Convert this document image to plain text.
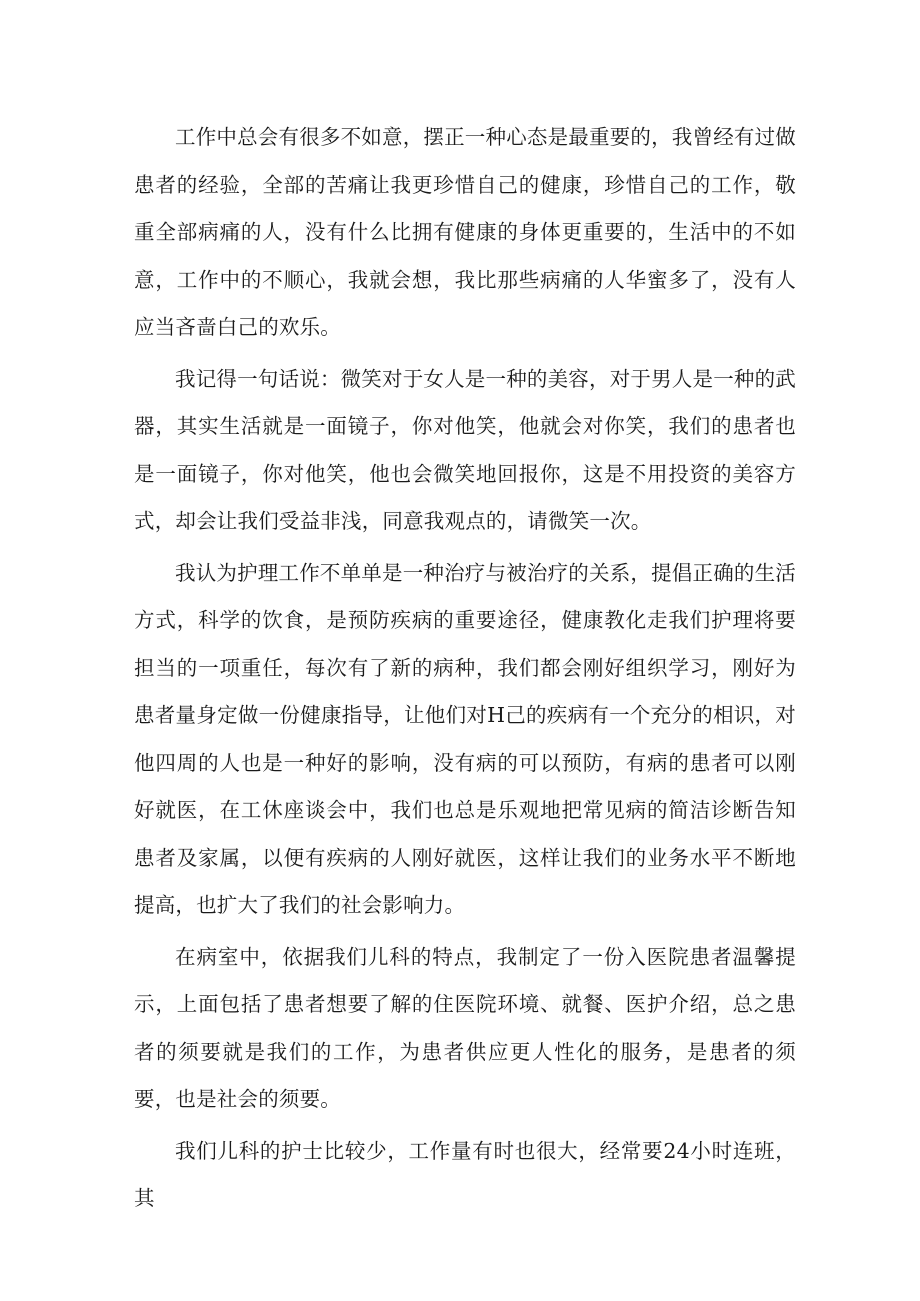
工作中总会有很多不如意，摆正一种心态是最重要的，我曾经有过做患者的经验，全部的苦痛让我更珍惜自己的健康，珍惜自己的工作，敬重全部病痛的人，没有什么比拥有健康的身体更重要的，生活中的不如意，工作中的不顺心，我就会想，我比那些病痛的人华蜜多了，没有人应当吝啬白己的欢乐。

我记得一句话说：微笑对于女人是一种的美容，对于男人是一种的武器，其实生活就是一面镜子，你对他笑，他就会对你笑，我们的患者也是一面镜子，你对他笑，他也会微笑地回报你，这是不用投资的美容方式，却会让我们受益非浅，同意我观点的，请微笑一次。

我认为护理工作不单单是一种治疗与被治疗的关系，提倡正确的生活方式，科学的饮食，是预防疾病的重要途径，健康教化走我们护理将要担当的一项重任，每次有了新的病种，我们都会刚好组织学习，刚好为患者量身定做一份健康指导，让他们对H己的疾病有一个充分的相识，对他四周的人也是一种好的影响，没有病的可以预防，有病的患者可以刚好就医，在工休座谈会中，我们也总是乐观地把常见病的简洁诊断告知患者及家属，以便有疾病的人刚好就医，这样让我们的业务水平不断地提高，也扩大了我们的社会影响力。

在病室中，依据我们儿科的特点，我制定了一份入医院患者温馨提示，上面包括了患者想要了解的住医院环境、就餐、医护介绍，总之患者的须要就是我们的工作，为患者供应更人性化的服务，是患者的须要，也是社会的须要。

我们儿科的护士比较少，工作量有时也很大，经常要24小时连班，其
